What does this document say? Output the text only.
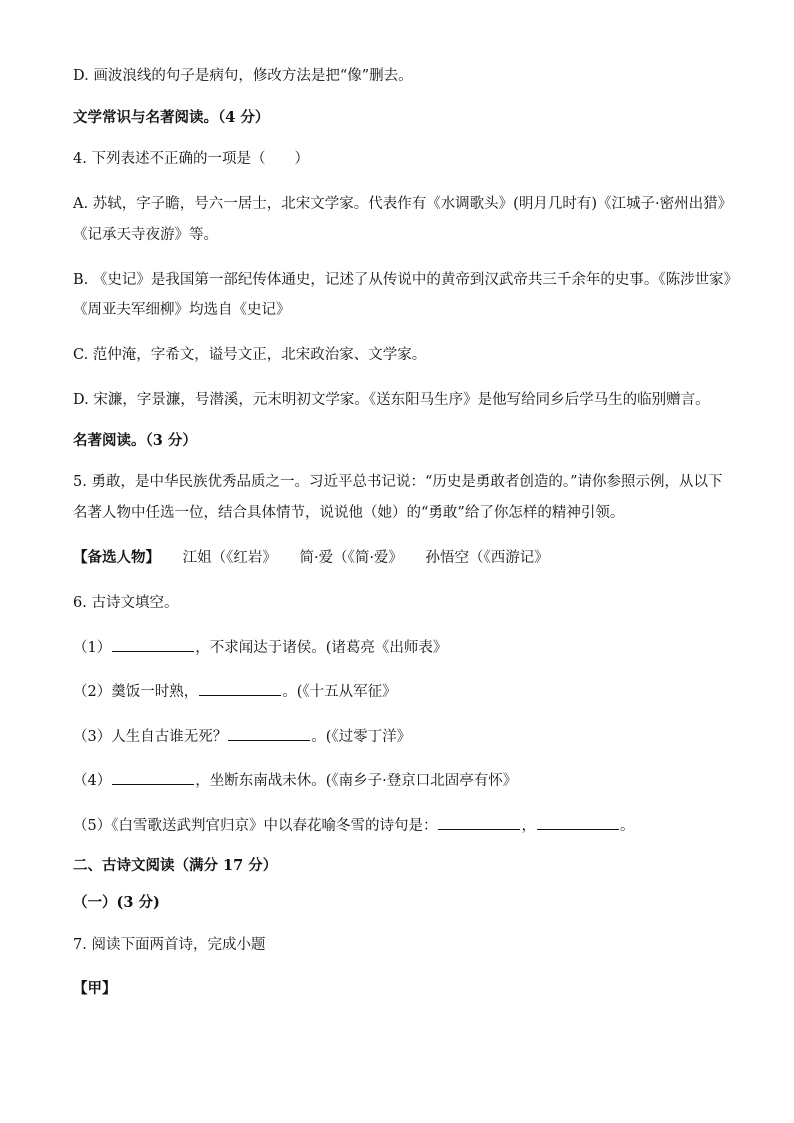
D. 画波浪线的句子是病句，修改方法是把“像”删去。
文学常识与名著阅读。（4 分）
4. 下列表述不正确的一项是（　　）
A. 苏轼，字子瞻，号六一居士，北宋文学家。代表作有《水调歌头》(明月几时有)《江城子·密州出猎》
《记承天寺夜游》等。
B. 《史记》是我国第一部纪传体通史，记述了从传说中的黄帝到汉武帝共三千余年的史事。《陈涉世家》
《周亚夫军细柳》均选自《史记》
C. 范仲淹，字希文，谥号文正，北宋政治家、文学家。
D. 宋濂，字景濂，号潜溪，元末明初文学家。《送东阳马生序》是他写给同乡后学马生的临别赠言。
名著阅读。（3 分）
5. 勇敢，是中华民族优秀品质之一。习近平总书记说：“历史是勇敢者创造的。”请你参照示例，从以下
名著人物中任选一位，结合具体情节，说说他（她）的“勇敢”给了你怎样的精神引领。
【备选人物】 江姐（《红岩》 简·爱（《简·爱》 孙悟空（《西游记》
6. 古诗文填空。
（1）	，不求闻达于诸侯。(诸葛亮《出师表》
（2）羹饭一时熟，	。(《十五从军征》
（3）人生自古谁无死？	。(《过零丁洋》
（4）	，坐断东南战未休。(《南乡子·登京口北固亭有怀》
（5）《白雪歌送武判官归京》中以春花喻冬雪的诗句是：	，	。
二、古诗文阅读（满分 17 分）
（一）(3 分)
7. 阅读下面两首诗，完成小题
【甲】
